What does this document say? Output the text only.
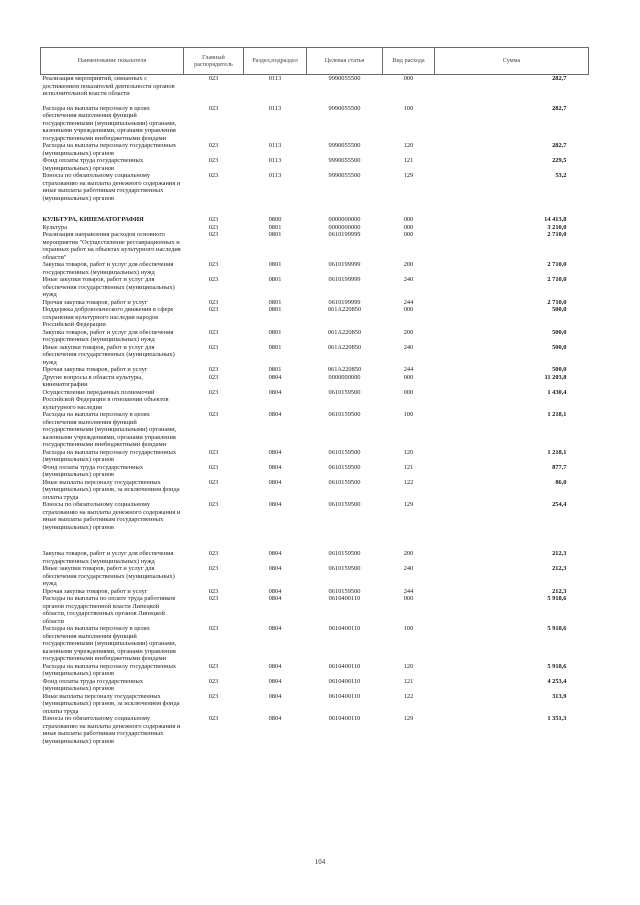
Наименование показателя	Главный распорядитель	Раздел,подраздел	Целевая статья	Вид расхода	Сумма
Реализация мероприятий, связанных с достижением показателей деятельности органов исполнительной власти области	023	0113	9990055500	000	282,7
Расходы на выплаты персоналу в целях обеспечения выполнения функций государственными (муниципальными) органами, казенными учреждениями, органами управления государственными внебюджетными фондами	023	0113	9990055500	100	282,7
Расходы на выплаты персоналу государственных (муниципальных) органов	023	0113	9990055500	120	282,7
Фонд оплаты труда государственных (муниципальных) органов	023	0113	9990055500	121	229,5
Взносы по обязательному социальному страхованию на выплаты денежного содержания и иные выплаты работникам государственных (муниципальных) органов	023	0113	9990055500	129	53,2
КУЛЬТУРА, КИНЕМАТОГРАФИЯ	023	0800	0000000000	000	14 413,8
Культура	023	0801	0000000000	000	3 210,0
Реализация направления расходов основного мероприятия "Осуществление реставрационных и охранных работ на объектах культурного наследия области"	023	0801	0610199999	000	2 710,0
Закупка товаров, работ и услуг для обеспечения государственных (муниципальных) нужд	023	0801	0610199999	200	2 710,0
Иные закупки товаров, работ и услуг для обеспечения государственных (муниципальных) нужд	023	0801	0610199999	240	2 710,0
Прочая закупка товаров, работ и услуг	023	0801	0610199999	244	2 710,0
Поддержка добровольческого движения в сфере сохранения культурного наследия народов Российской Федерации	023	0801	061A220850	000	500,0
Закупка товаров, работ и услуг для обеспечения государственных (муниципальных) нужд	023	0801	061A220850	200	500,0
Иные закупки товаров, работ и услуг для обеспечения государственных (муниципальных) нужд	023	0801	061A220850	240	500,0
Прочая закупка товаров, работ и услуг	023	0801	061A220850	244	500,0
Другие вопросы в области культуры, кинематографии	023	0804	0000000000	000	11 203,8
Осуществление переданных полномочий Российской Федерации в отношении объектов культурного наследия	023	0804	0610159500	000	1 430,4
Расходы на выплаты персоналу в целях обеспечения выполнения функций государственными (муниципальными) органами, казенными учреждениями, органами управления государственными внебюджетными фондами	023	0804	0610159500	100	1 218,1
Расходы на выплаты персоналу государственных (муниципальных) органов	023	0804	0610159500	120	1 218,1
Фонд оплаты труда государственных (муниципальных) органов	023	0804	0610159500	121	877,7
Иные выплаты персоналу государственных (муниципальных) органов, за исключением фонда оплаты труда	023	0804	0610159500	122	86,0
Взносы по обязательному социальному страхованию на выплаты денежного содержания и иные выплаты работникам государственных (муниципальных) органов	023	0804	0610159500	129	254,4
Закупка товаров, работ и услуг для обеспечения государственных (муниципальных) нужд	023	0804	0610159500	200	212,3
Иные закупки товаров, работ и услуг для обеспечения государственных (муниципальных) нужд	023	0804	0610159500	240	212,3
Прочая закупка товаров, работ и услуг	023	0804	0610159500	244	212,3
Расходы на выплаты по оплате труда работников органов государственной власти Липецкой области, государственных органов Липецкой области	023	0804	0610400110	000	5 918,6
Расходы на выплаты персоналу в целях обеспечения выполнения функций государственными (муниципальными) органами, казенными учреждениями, органами управления государственными внебюджетными фондами	023	0804	0610400110	100	5 918,6
Расходы на выплаты персоналу государственных (муниципальных) органов	023	0804	0610400110	120	5 918,6
Фонд оплаты труда государственных (муниципальных) органов	023	0804	0610400110	121	4 253,4
Иные выплаты персоналу государственных (муниципальных) органов, за исключением фонда оплаты труда	023	0804	0610400110	122	313,9
Взносы по обязательному социальному страхованию на выплаты денежного содержания и иные выплаты работникам государственных (муниципальных) органов	023	0804	0610400110	129	1 351,3
104
